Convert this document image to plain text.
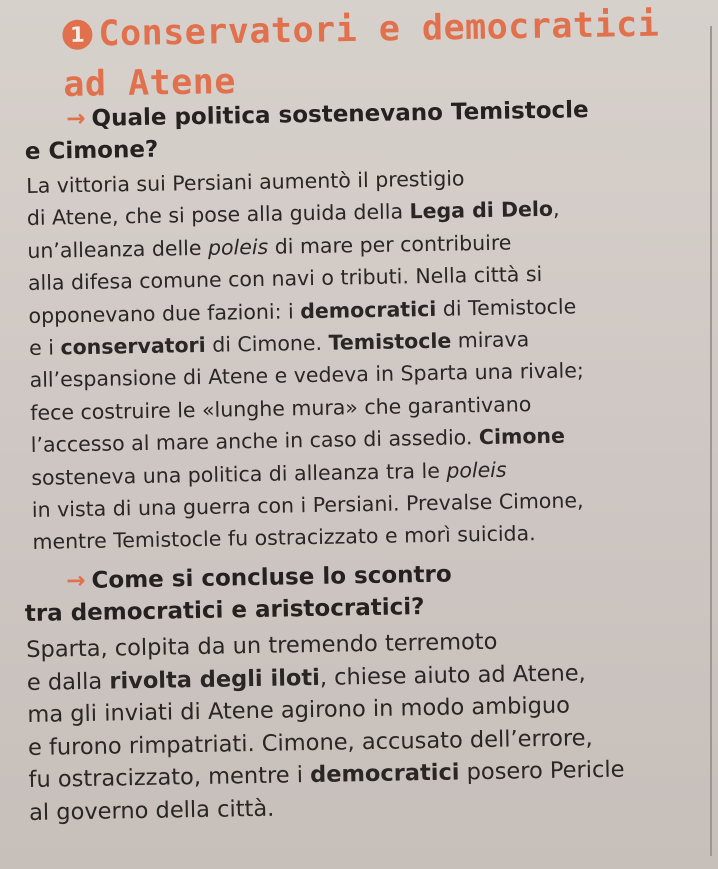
1 Conservatori e democratici
ad Atene
→ Quale politica sostenevano Temistocle
e Cimone?
La vittoria sui Persiani aumentò il prestigio
di Atene, che si pose alla guida della Lega di Delo,
un’alleanza delle poleis di mare per contribuire
alla difesa comune con navi o tributi. Nella città si
opponevano due fazioni: i democratici di Temistocle
e i conservatori di Cimone. Temistocle mirava
all’espansione di Atene e vedeva in Sparta una rivale;
fece costruire le «lunghe mura» che garantivano
l’accesso al mare anche in caso di assedio. Cimone
sosteneva una politica di alleanza tra le poleis
in vista di una guerra con i Persiani. Prevalse Cimone,
mentre Temistocle fu ostracizzato e morì suicida.
→ Come si concluse lo scontro
tra democratici e aristocratici?
Sparta, colpita da un tremendo terremoto
e dalla rivolta degli iloti, chiese aiuto ad Atene,
ma gli inviati di Atene agirono in modo ambiguo
e furono rimpatriati. Cimone, accusato dell’errore,
fu ostracizzato, mentre i democratici posero Pericle
al governo della città.
